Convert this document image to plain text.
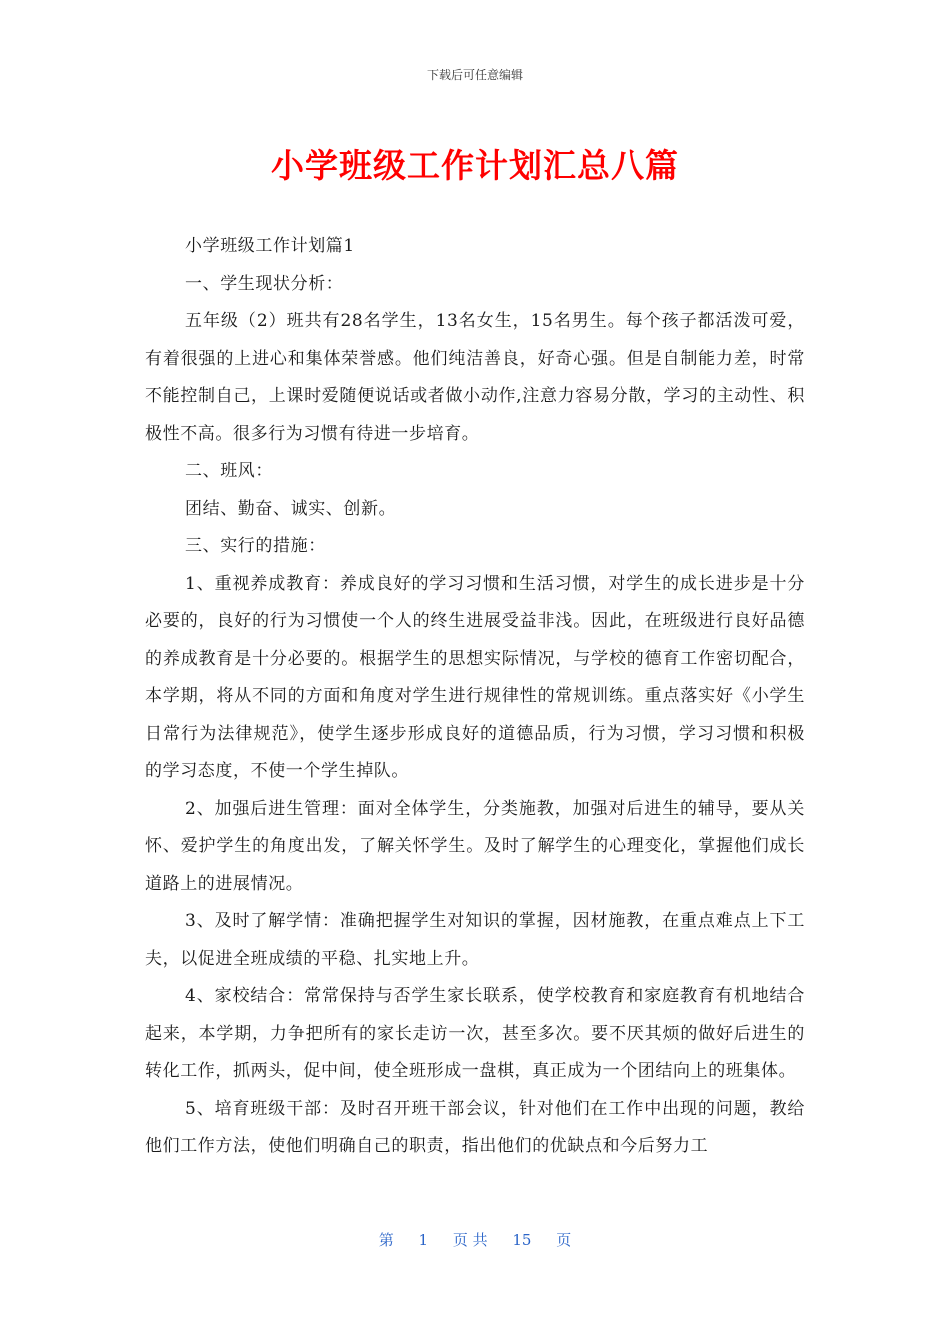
下载后可任意编辑
小学班级工作计划汇总八篇

小学班级工作计划篇1

一、学生现状分析：

五年级（2）班共有28名学生，13名女生，15名男生。每个孩子都活泼可爱，有着很强的上进心和集体荣誉感。他们纯洁善良，好奇心强。但是自制能力差，时常不能控制自己，上课时爱随便说话或者做小动作,注意力容易分散，学习的主动性、积极性不高。很多行为习惯有待进一步培育。

二、班风：

团结、勤奋、诚实、创新。

三、实行的措施：

1、重视养成教育：养成良好的学习习惯和生活习惯，对学生的成长进步是十分必要的，良好的行为习惯使一个人的终生进展受益非浅。因此，在班级进行良好品德的养成教育是十分必要的。根据学生的思想实际情况，与学校的德育工作密切配合，本学期，将从不同的方面和角度对学生进行规律性的常规训练。重点落实好《小学生日常行为法律规范》，使学生逐步形成良好的道德品质，行为习惯，学习习惯和积极的学习态度，不使一个学生掉队。

2、加强后进生管理：面对全体学生，分类施教，加强对后进生的辅导，要从关怀、爱护学生的角度出发，了解关怀学生。及时了解学生的心理变化，掌握他们成长道路上的进展情况。

3、及时了解学情：准确把握学生对知识的掌握，因材施教，在重点难点上下工夫，以促进全班成绩的平稳、扎实地上升。

4、家校结合：常常保持与否学生家长联系，使学校教育和家庭教育有机地结合起来，本学期，力争把所有的家长走访一次，甚至多次。要不厌其烦的做好后进生的转化工作，抓两头，促中间，使全班形成一盘棋，真正成为一个团结向上的班集体。

5、培育班级干部：及时召开班干部会议，针对他们在工作中出现的问题，教给他们工作方法，使他们明确自己的职责，指出他们的优缺点和今后努力工

第 1 页 共 15 页
